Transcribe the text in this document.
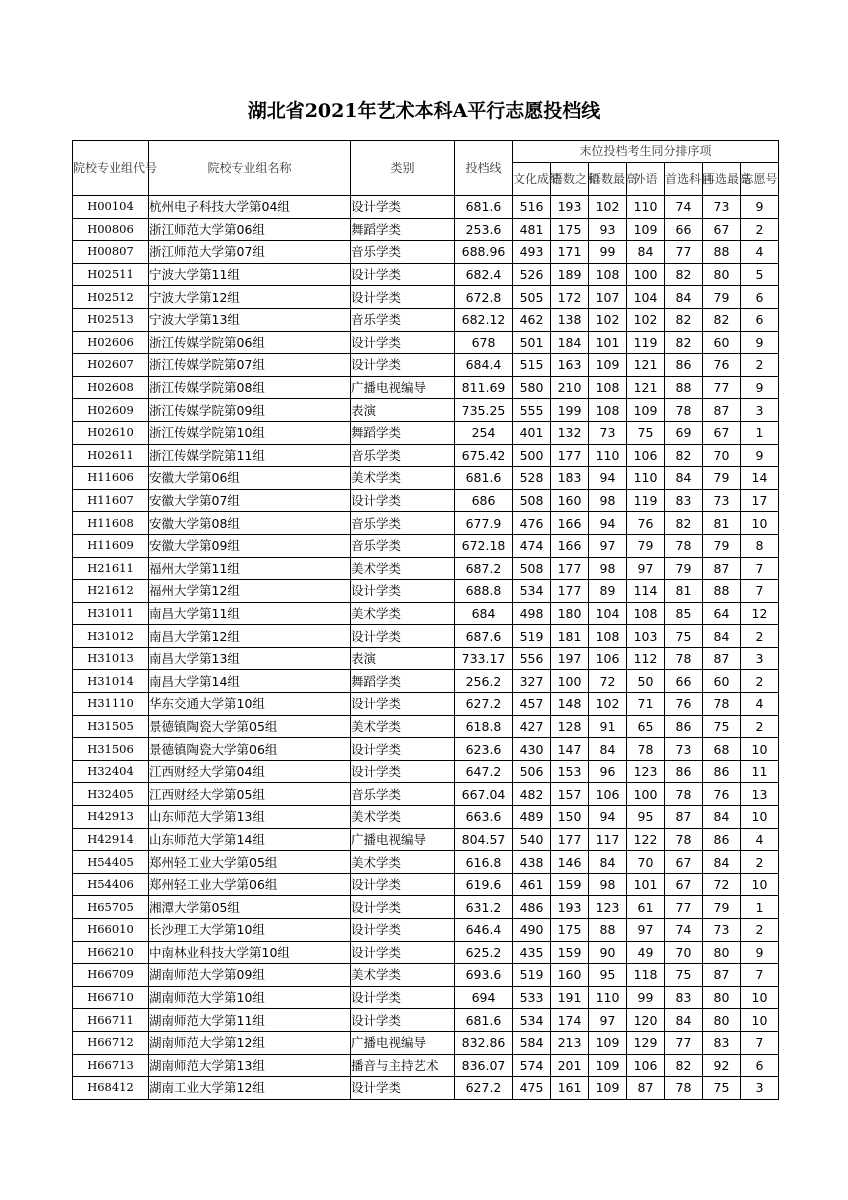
湖北省2021年艺术本科A平行志愿投档线
院校专业组代号	院校专业组名称	类别	投档线	末位投档考生同分排序项						
				文化成绩	语数之和	语数最高	外语	首选科目	再选最高	志愿号
H00104	杭州电子科技大学第04组	设计学类	681.6	516	193	102	110	74	73	9
H00806	浙江师范大学第06组	舞蹈学类	253.6	481	175	93	109	66	67	2
H00807	浙江师范大学第07组	音乐学类	688.96	493	171	99	84	77	88	4
H02511	宁波大学第11组	设计学类	682.4	526	189	108	100	82	80	5
H02512	宁波大学第12组	设计学类	672.8	505	172	107	104	84	79	6
H02513	宁波大学第13组	音乐学类	682.12	462	138	102	102	82	82	6
H02606	浙江传媒学院第06组	设计学类	678	501	184	101	119	82	60	9
H02607	浙江传媒学院第07组	设计学类	684.4	515	163	109	121	86	76	2
H02608	浙江传媒学院第08组	广播电视编导	811.69	580	210	108	121	88	77	9
H02609	浙江传媒学院第09组	表演	735.25	555	199	108	109	78	87	3
H02610	浙江传媒学院第10组	舞蹈学类	254	401	132	73	75	69	67	1
H02611	浙江传媒学院第11组	音乐学类	675.42	500	177	110	106	82	70	9
H11606	安徽大学第06组	美术学类	681.6	528	183	94	110	84	79	14
H11607	安徽大学第07组	设计学类	686	508	160	98	119	83	73	17
H11608	安徽大学第08组	音乐学类	677.9	476	166	94	76	82	81	10
H11609	安徽大学第09组	音乐学类	672.18	474	166	97	79	78	79	8
H21611	福州大学第11组	美术学类	687.2	508	177	98	97	79	87	7
H21612	福州大学第12组	设计学类	688.8	534	177	89	114	81	88	7
H31011	南昌大学第11组	美术学类	684	498	180	104	108	85	64	12
H31012	南昌大学第12组	设计学类	687.6	519	181	108	103	75	84	2
H31013	南昌大学第13组	表演	733.17	556	197	106	112	78	87	3
H31014	南昌大学第14组	舞蹈学类	256.2	327	100	72	50	66	60	2
H31110	华东交通大学第10组	设计学类	627.2	457	148	102	71	76	78	4
H31505	景德镇陶瓷大学第05组	美术学类	618.8	427	128	91	65	86	75	2
H31506	景德镇陶瓷大学第06组	设计学类	623.6	430	147	84	78	73	68	10
H32404	江西财经大学第04组	设计学类	647.2	506	153	96	123	86	86	11
H32405	江西财经大学第05组	音乐学类	667.04	482	157	106	100	78	76	13
H42913	山东师范大学第13组	美术学类	663.6	489	150	94	95	87	84	10
H42914	山东师范大学第14组	广播电视编导	804.57	540	177	117	122	78	86	4
H54405	郑州轻工业大学第05组	美术学类	616.8	438	146	84	70	67	84	2
H54406	郑州轻工业大学第06组	设计学类	619.6	461	159	98	101	67	72	10
H65705	湘潭大学第05组	设计学类	631.2	486	193	123	61	77	79	1
H66010	长沙理工大学第10组	设计学类	646.4	490	175	88	97	74	73	2
H66210	中南林业科技大学第10组	设计学类	625.2	435	159	90	49	70	80	9
H66709	湖南师范大学第09组	美术学类	693.6	519	160	95	118	75	87	7
H66710	湖南师范大学第10组	设计学类	694	533	191	110	99	83	80	10
H66711	湖南师范大学第11组	设计学类	681.6	534	174	97	120	84	80	10
H66712	湖南师范大学第12组	广播电视编导	832.86	584	213	109	129	77	83	7
H66713	湖南师范大学第13组	播音与主持艺术	836.07	574	201	109	106	82	92	6
H68412	湖南工业大学第12组	设计学类	627.2	475	161	109	87	78	75	3
